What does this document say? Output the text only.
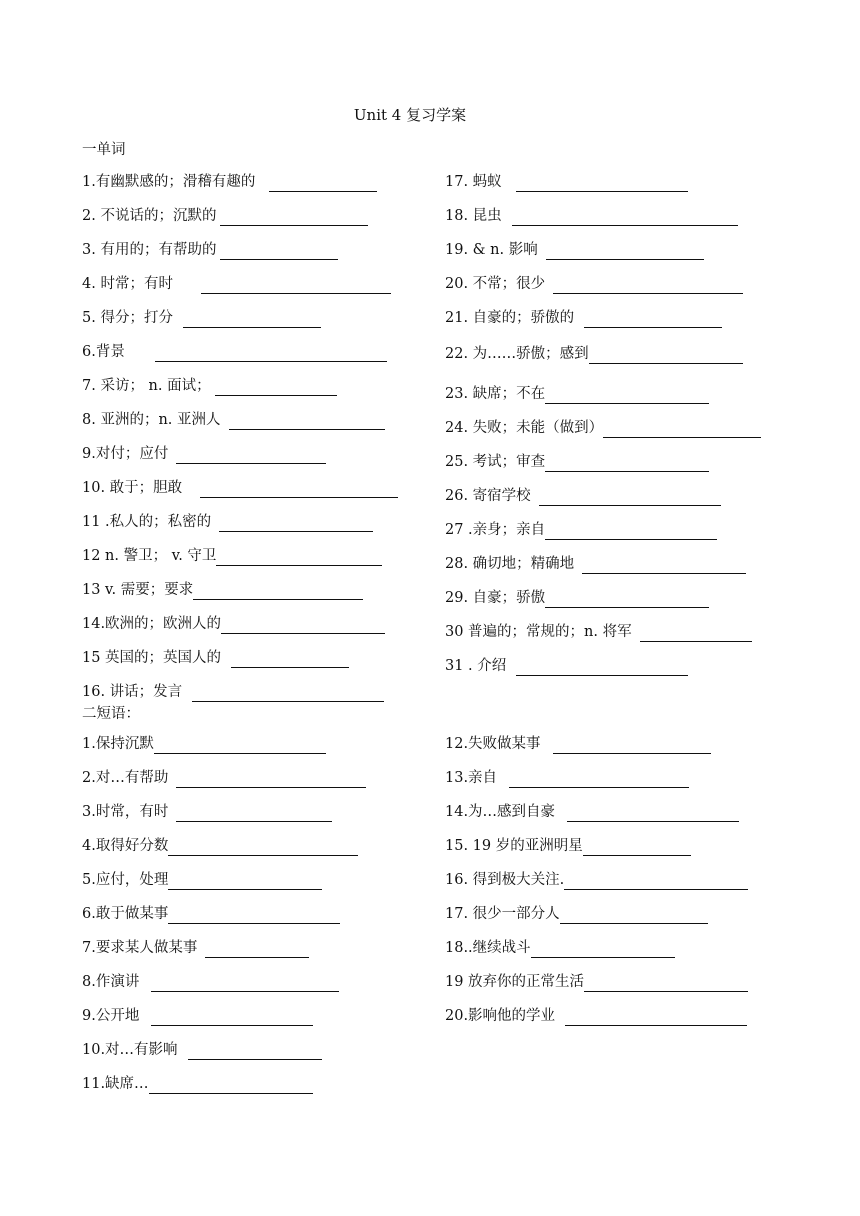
Unit 4 复习学案
一单词
1.有幽默感的；滑稽有趣的
2. 不说话的；沉默的
3. 有用的；有帮助的
4. 时常；有时
5. 得分；打分
6.背景
7. 采访； n. 面试；
8. 亚洲的；n. 亚洲人
9.对付；应付
10. 敢于；胆敢
11 .私人的；私密的
12 n. 警卫； v. 守卫
13 v. 需要；要求
14.欧洲的；欧洲人的
15 英国的；英国人的
16. 讲话；发言
17. 蚂蚁
18. 昆虫
19. & n. 影响
20. 不常；很少
21. 自豪的；骄傲的
22. 为……骄傲；感到
23. 缺席；不在
24. 失败；未能（做到）
25. 考试；审查
26. 寄宿学校
27 .亲身；亲自
28. 确切地；精确地
29. 自豪；骄傲
30 普遍的；常规的；n. 将军
31 . 介绍
二短语：
1.保持沉默
2.对…有帮助
3.时常，有时
4.取得好分数
5.应付，处理
6.敢于做某事
7.要求某人做某事
8.作演讲
9.公开地
10.对…有影响
11.缺席…
12.失败做某事
13.亲自
14.为…感到自豪
15. 19 岁的亚洲明星
16. 得到极大关注.
17. 很少一部分人
18..继续战斗
19 放弃你的正常生活
20.影响他的学业
